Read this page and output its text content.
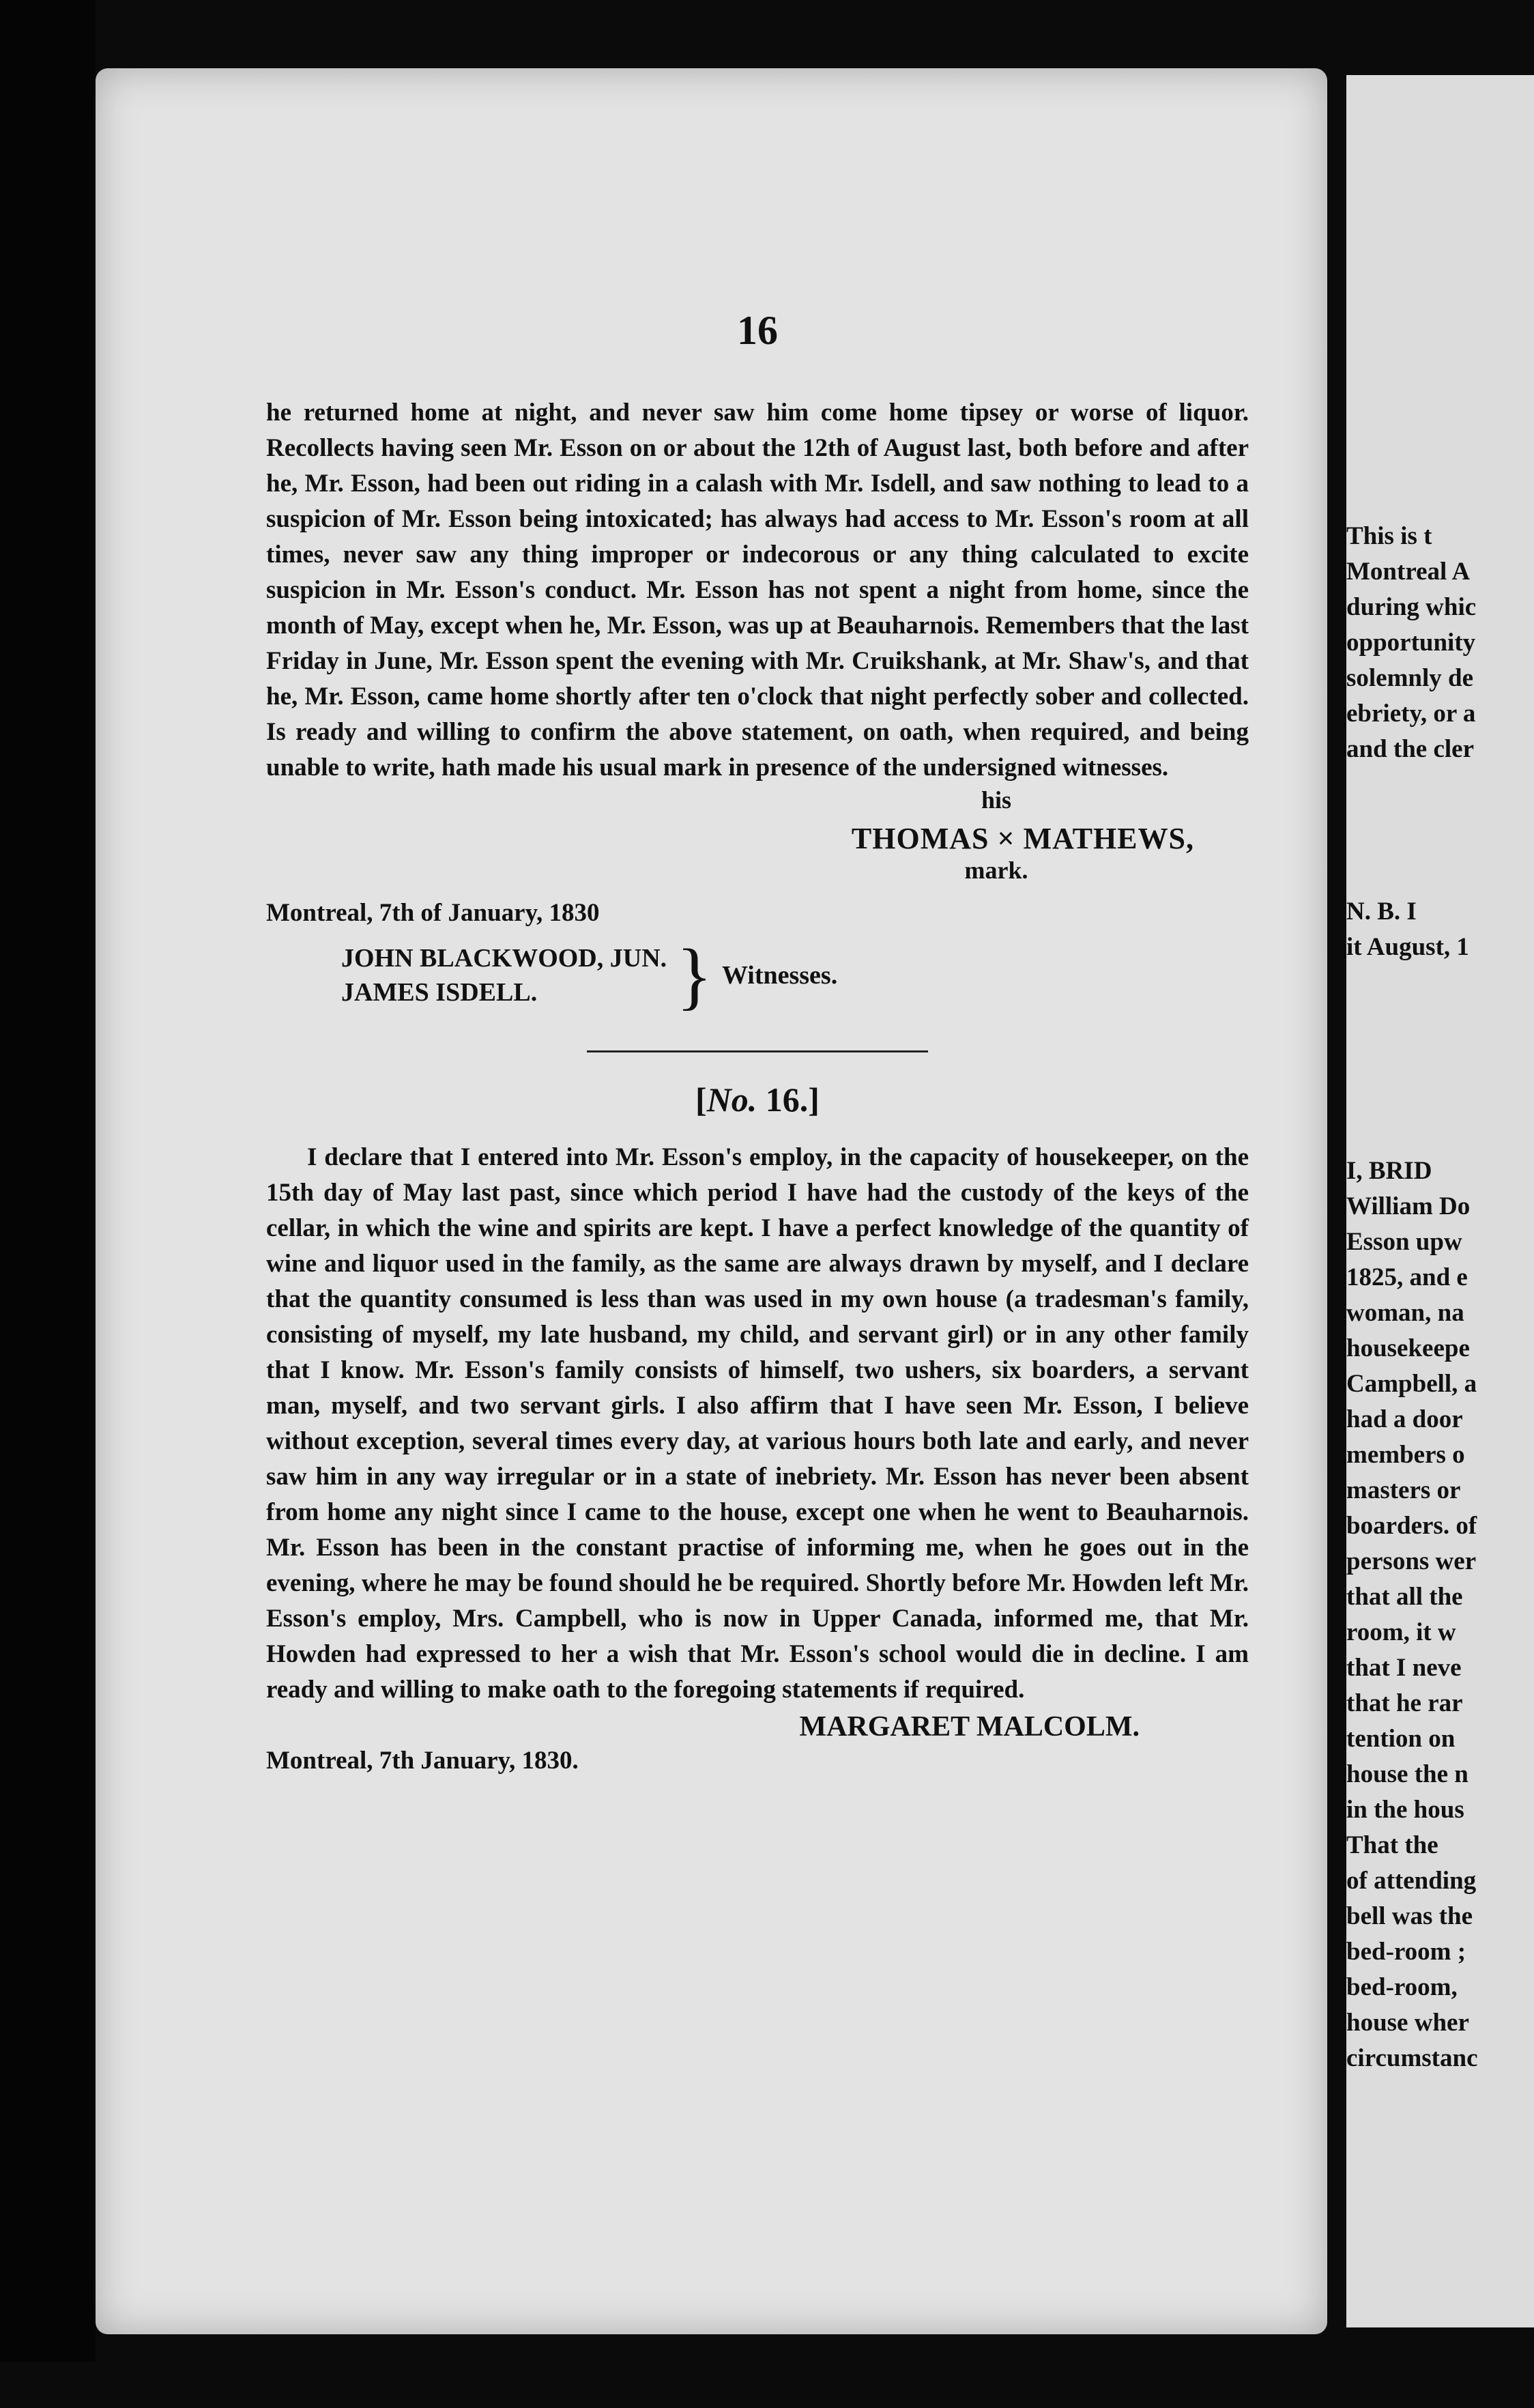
16

he returned home at night, and never saw him come home tipsey or worse of liquor. Recollects having seen Mr. Esson on or about the 12th of August last, both before and after he, Mr. Esson, had been out riding in a calash with Mr. Isdell, and saw nothing to lead to a suspicion of Mr. Esson being intoxicated; has always had access to Mr. Esson's room at all times, never saw any thing improper or indecorous or any thing calculated to excite suspicion in Mr. Esson's conduct. Mr. Esson has not spent a night from home, since the month of May, except when he, Mr. Esson, was up at Beauharnois. Remembers that the last Friday in June, Mr. Esson spent the evening with Mr. Cruikshank, at Mr. Shaw's, and that he, Mr. Esson, came home shortly after ten o'clock that night perfectly sober and collected. Is ready and willing to confirm the above statement, on oath, when required, and being unable to write, hath made his usual mark in presence of the undersigned witnesses.

his
THOMAS × MATHEWS,
mark.
Montreal, 7th of January, 1830
JOHN BLACKWOOD, JUN.
JAMES ISDELL.	} Witnesses.
[No. 16.]

I declare that I entered into Mr. Esson's employ, in the capacity of housekeeper, on the 15th day of May last past, since which period I have had the custody of the keys of the cellar, in which the wine and spirits are kept. I have a perfect knowledge of the quantity of wine and liquor used in the family, as the same are always drawn by myself, and I declare that the quantity consumed is less than was used in my own house (a tradesman's family, consisting of myself, my late husband, my child, and servant girl) or in any other family that I know. Mr. Esson's family consists of himself, two ushers, six boarders, a servant man, myself, and two servant girls. I also affirm that I have seen Mr. Esson, I believe without exception, several times every day, at various hours both late and early, and never saw him in any way irregular or in a state of inebriety. Mr. Esson has never been absent from home any night since I came to the house, except one when he went to Beauharnois. Mr. Esson has been in the constant practise of informing me, when he goes out in the evening, where he may be found should he be required. Shortly before Mr. Howden left Mr. Esson's employ, Mrs. Campbell, who is now in Upper Canada, informed me, that Mr. Howden had expressed to her a wish that Mr. Esson's school would die in decline. I am ready and willing to make oath to the foregoing statements if required.

MARGARET MALCOLM.
Montreal, 7th January, 1830.
This is t
Montreal A
during whic
opportunity
solemnly de
ebriety, or a
and the cler
N. B. I
it August, 1
I, BRID
William Do
Esson upw
1825, and e
woman, na
housekeepe
Campbell, a
had a door
members o
masters or
boarders. of
persons wer
that all the
room, it w
that I neve
that he rar
tention on
house the n
in the hous
That the
of attending
bell was the
bed-room ;
bed-room,
house wher
circumstanc
